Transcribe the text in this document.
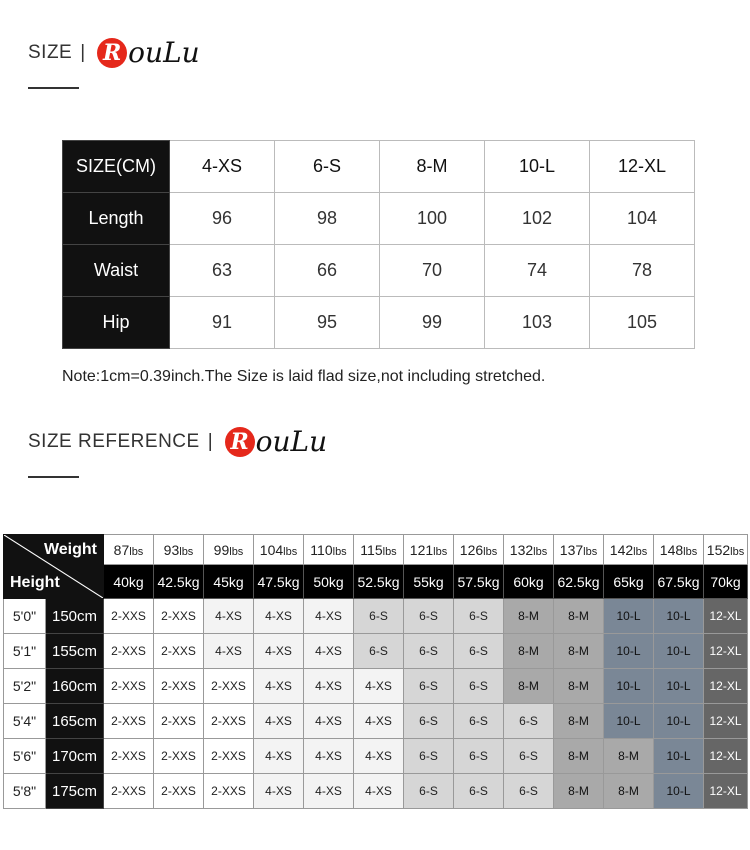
SIZE | R ouLu
SIZE(CM)	4-XS	6-S	8-M	10-L	12-XL
Length	96	98	100	102	104
Waist	63	66	70	74	78
Hip	91	95	99	103	105
Note:1cm=0.39inch.The Size is laid flad size,not including stretched.
SIZE REFERENCE | R ouLu
Weight
Height		87lbs	93lbs	99lbs	104lbs	110lbs	115lbs	121lbs	126lbs	132lbs	137lbs	142lbs	148lbs	152lbs
		40kg	42.5kg	45kg	47.5kg	50kg	52.5kg	55kg	57.5kg	60kg	62.5kg	65kg	67.5kg	70kg
5'0"	150cm	2-XXS	2-XXS	4-XS	4-XS	4-XS	6-S	6-S	6-S	8-M	8-M	10-L	10-L	12-XL
5'1"	155cm	2-XXS	2-XXS	4-XS	4-XS	4-XS	6-S	6-S	6-S	8-M	8-M	10-L	10-L	12-XL
5'2"	160cm	2-XXS	2-XXS	2-XXS	4-XS	4-XS	4-XS	6-S	6-S	8-M	8-M	10-L	10-L	12-XL
5'4"	165cm	2-XXS	2-XXS	2-XXS	4-XS	4-XS	4-XS	6-S	6-S	6-S	8-M	10-L	10-L	12-XL
5'6"	170cm	2-XXS	2-XXS	2-XXS	4-XS	4-XS	4-XS	6-S	6-S	6-S	8-M	8-M	10-L	12-XL
5'8"	175cm	2-XXS	2-XXS	2-XXS	4-XS	4-XS	4-XS	6-S	6-S	6-S	8-M	8-M	10-L	12-XL
